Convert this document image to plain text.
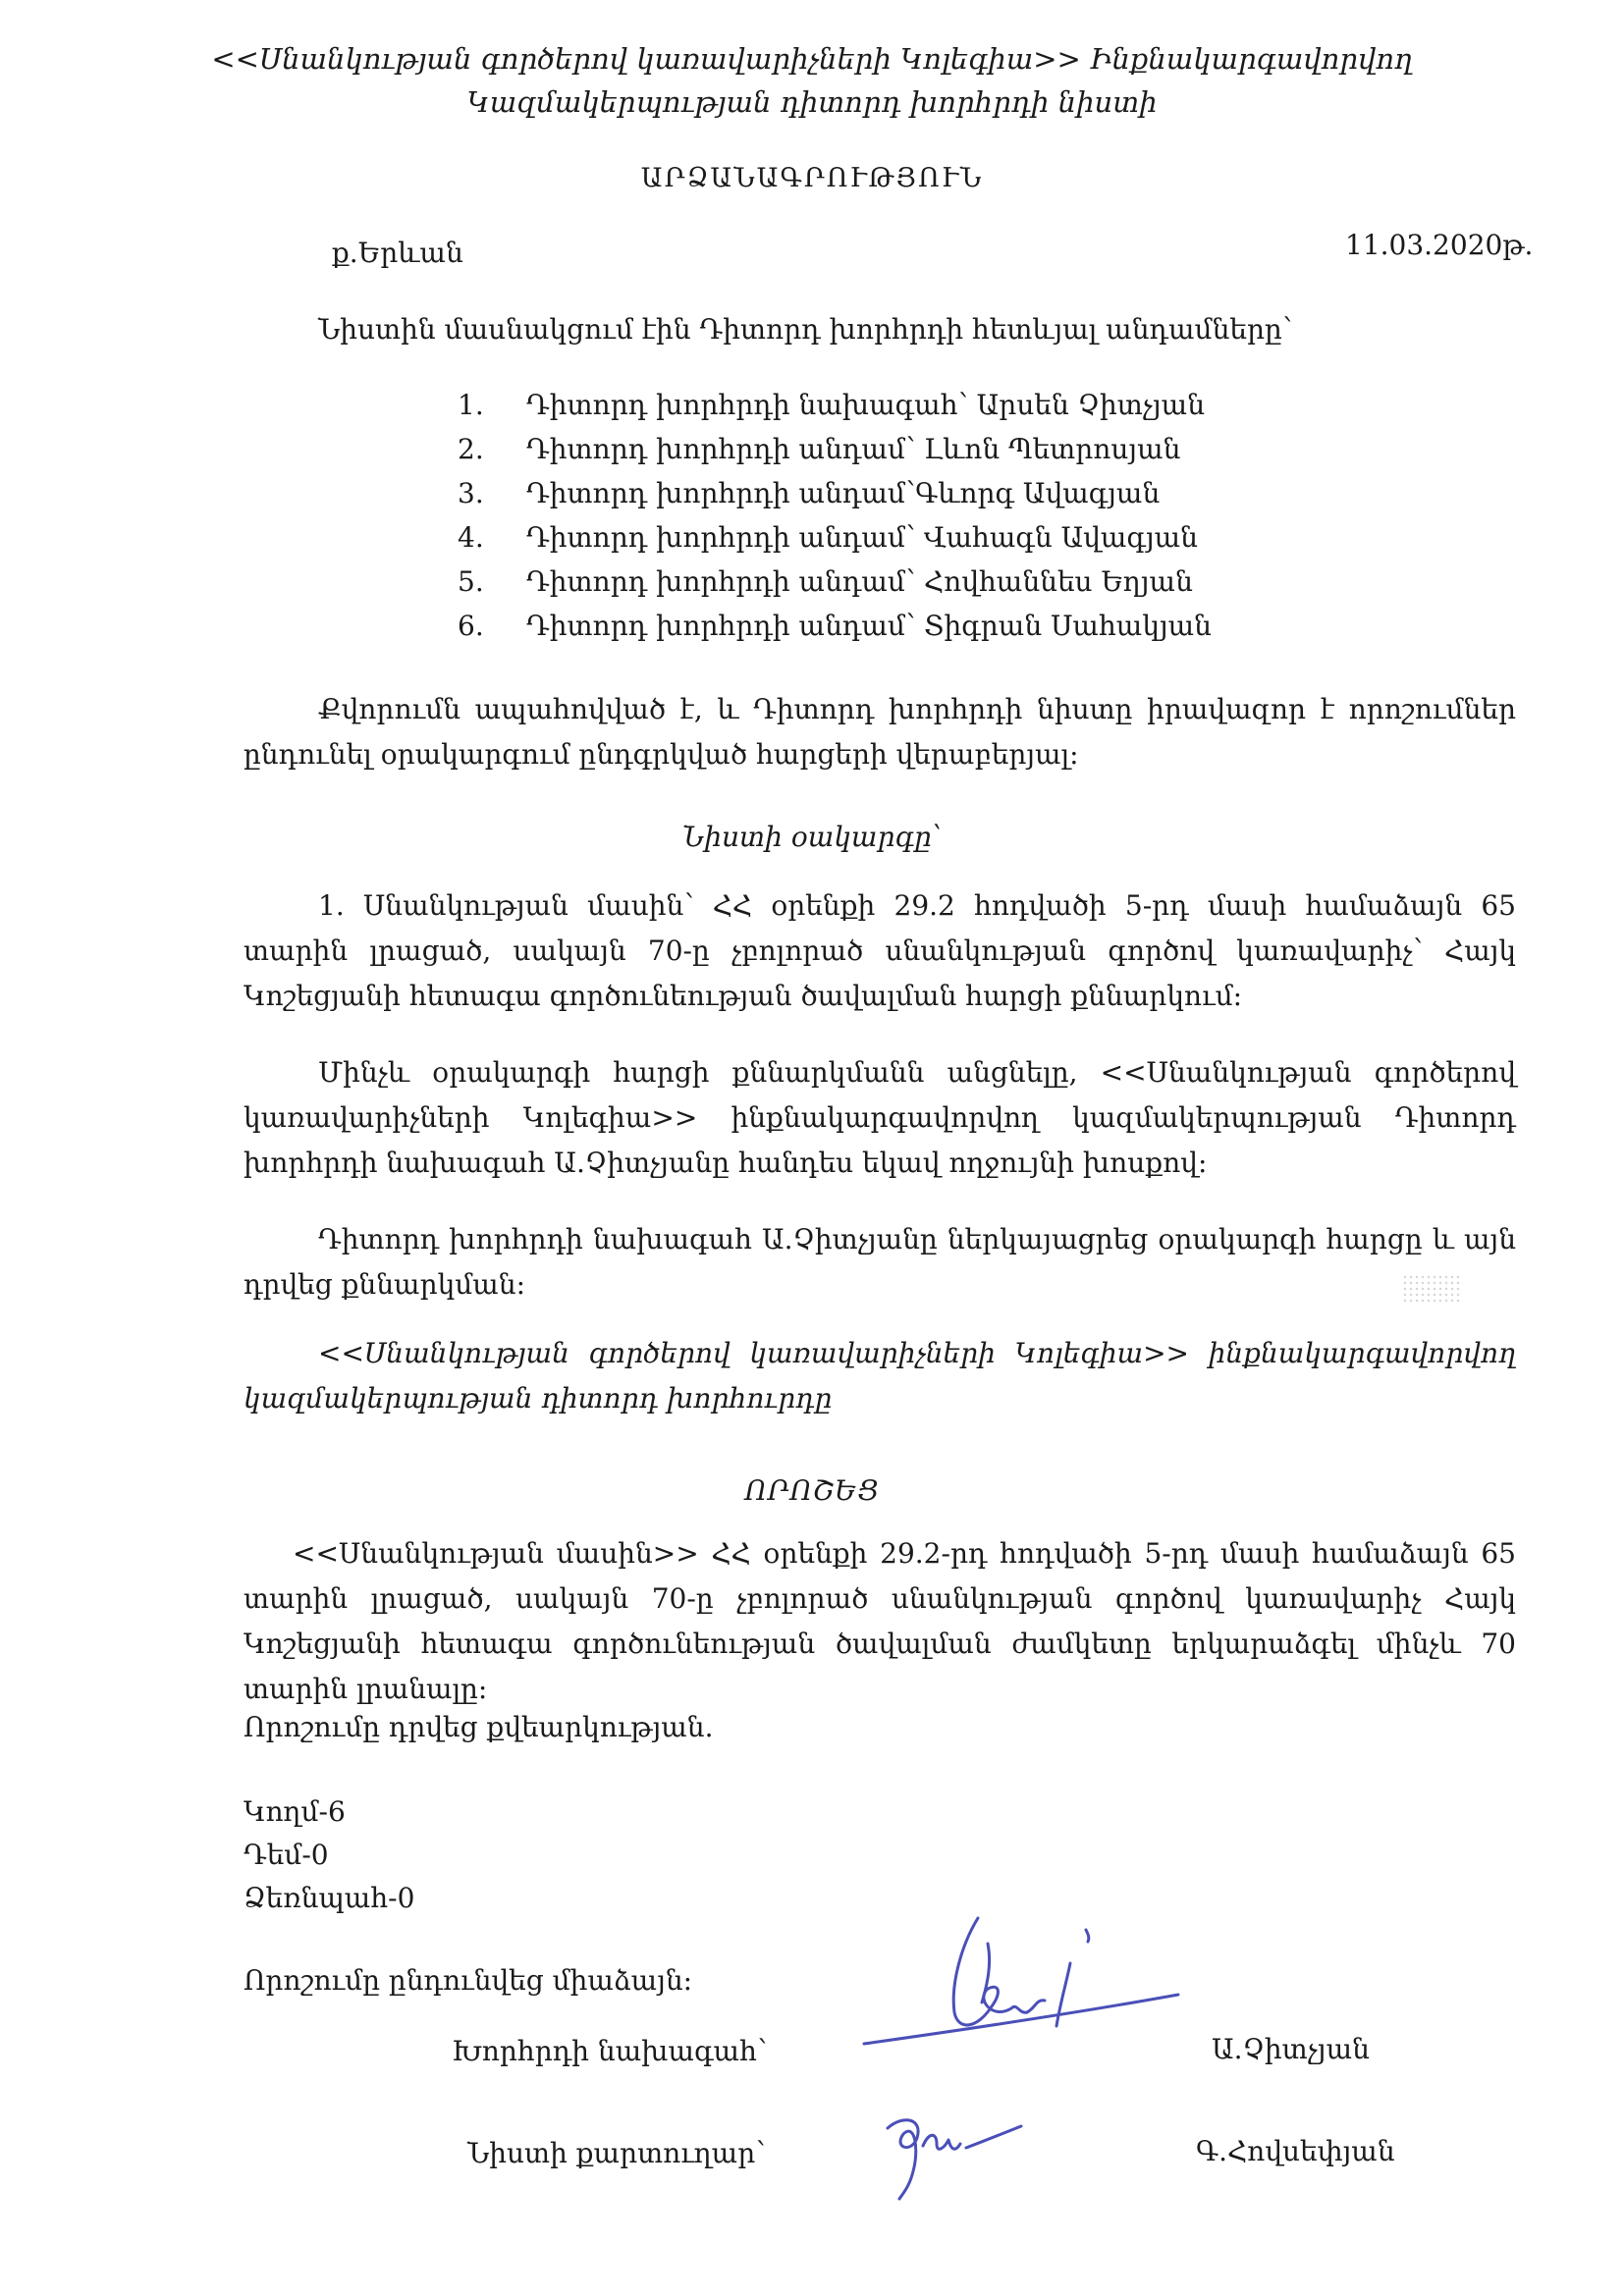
<<Սնանկության գործերով կառավարիչների Կոլեգիա>> Ինքնակարգավորվող
Կազմակերպության դիտորդ խորհրդի նիստի
ԱՐՁԱՆԱԳՐՈՒԹՅՈՒՆ
ք.Երևան	11.03.2020թ.
Նիստին մասնակցում էին Դիտորդ խորհրդի հետևյալ անդամները՝
1. Դիտորդ խորհրդի նախագահ՝ Արսեն Չիտչյան
2. Դիտորդ խորհրդի անդամ՝ Լևոն Պետրոսյան
3. Դիտորդ խորհրդի անդամ՝Գևորգ Ավագյան
4. Դիտորդ խորհրդի անդամ՝ Վահագն Ավագյան
5. Դիտորդ խորհրդի անդամ՝ Հովհաննես Եղյան
6. Դիտորդ խորհրդի անդամ՝ Տիգրան Սահակյան
Քվորումն ապահովված է, և Դիտորդ խորհրդի նիստը իրավազոր է որոշումներ ընդունել օրակարգում ընդգրկված հարցերի վերաբերյալ:
Նիստի օակարգը՝
1. Սնանկության մասին՝ ՀՀ օրենքի 29.2 հոդվածի 5-րդ մասի համաձայն 65 տարին լրացած, սակայն 70-ը չբոլորած սնանկության գործով կառավարիչ՝ Հայկ Կոշեցյանի հետագա գործունեության ծավալման հարցի քննարկում:
Մինչև օրակարգի հարցի քննարկմանն անցնելը, <<Սնանկության գործերով կառավարիչների Կոլեգիա>> ինքնակարգավորվող կազմակերպության Դիտորդ խորհրդի նախագահ Ա.Չիտչյանը հանդես եկավ ողջույնի խոսքով:
Դիտորդ խորհրդի նախագահ Ա.Չիտչյանը ներկայացրեց օրակարգի հարցը և այն դրվեց քննարկման:
<<Սնանկության գործերով կառավարիչների Կոլեգիա>> ինքնակարգավորվող կազմակերպության դիտորդ խորհուրդը
ՈՐՈՇԵՑ
<<Սնանկության մասին>> ՀՀ օրենքի 29.2-րդ հոդվածի 5-րդ մասի համաձայն 65 տարին լրացած, սակայն 70-ը չբոլորած սնանկության գործով կառավարիչ Հայկ Կոշեցյանի հետագա գործունեության ծավալման ժամկետը երկարաձգել մինչև 70 տարին լրանալը:
Որոշումը դրվեց քվեարկության.
Կողմ-6
Դեմ-0
Ձեռնպահ-0
Որոշումը ընդունվեց միաձայն:
Խորհրդի նախագահ՝	Ա.Չիտչյան
Նիստի քարտուղար՝	Գ.Հովսեփյան
